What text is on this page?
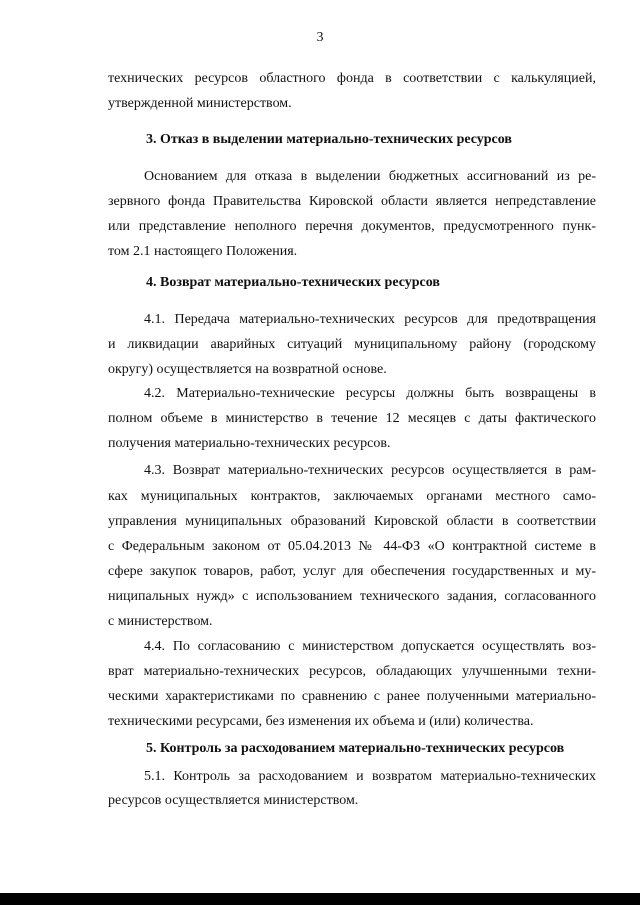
3
технических ресурсов областного фонда в соответствии с калькуляцией,
утвержденной министерством.
3. Отказ в выделении материально-технических ресурсов
Основанием для отказа в выделении бюджетных ассигнований из ре-
зервного фонда Правительства Кировской области является непредставление
или представление неполного перечня документов, предусмотренного пунк-
том 2.1 настоящего Положения.
4. Возврат материально-технических ресурсов
4.1. Передача материально-технических ресурсов для предотвращения
и ликвидации аварийных ситуаций муниципальному району (городскому
округу) осуществляется на возвратной основе.
4.2. Материально-технические ресурсы должны быть возвращены в
полном объеме в министерство в течение 12 месяцев с даты фактического
получения материально-технических ресурсов.
4.3. Возврат материально-технических ресурсов осуществляется в рам-
ках муниципальных контрактов, заключаемых органами местного само-
управления муниципальных образований Кировской области в соответствии
с Федеральным законом от 05.04.2013 № 44-ФЗ «О контрактной системе в
сфере закупок товаров, работ, услуг для обеспечения государственных и му-
ниципальных нужд» с использованием технического задания, согласованного
с министерством.
4.4. По согласованию с министерством допускается осуществлять воз-
врат материально-технических ресурсов, обладающих улучшенными техни-
ческими характеристиками по сравнению с ранее полученными материально-
техническими ресурсами, без изменения их объема и (или) количества.
5. Контроль за расходованием материально-технических ресурсов
5.1. Контроль за расходованием и возвратом материально-технических
ресурсов осуществляется министерством.
